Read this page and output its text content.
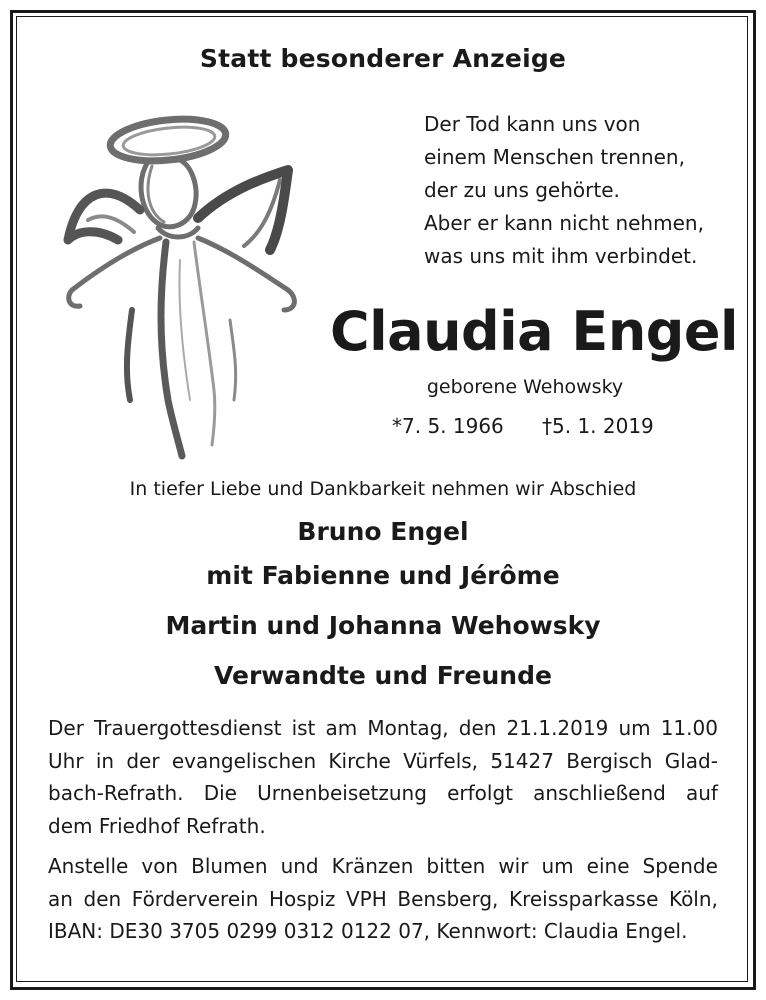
Statt besonderer Anzeige
Der Tod kann uns von
einem Menschen trennen,
der zu uns gehörte.
Aber er kann nicht nehmen,
was uns mit ihm verbindet.
Claudia Engel
geborene Wehowsky
*7. 5. 1966 †5. 1. 2019
In tiefer Liebe und Dankbarkeit nehmen wir Abschied
Bruno Engel
mit Fabienne und Jérôme
Martin und Johanna Wehowsky
Verwandte und Freunde
Der Trauergottesdienst ist am Montag, den 21.1.2019 um 11.00
Uhr in der evangelischen Kirche Vürfels, 51427 Bergisch Glad-
bach-Refrath. Die Urnenbeisetzung erfolgt anschließend auf
dem Friedhof Refrath.
Anstelle von Blumen und Kränzen bitten wir um eine Spende
an den Förderverein Hospiz VPH Bensberg, Kreissparkasse Köln,
IBAN: DE30 3705 0299 0312 0122 07, Kennwort: Claudia Engel.
